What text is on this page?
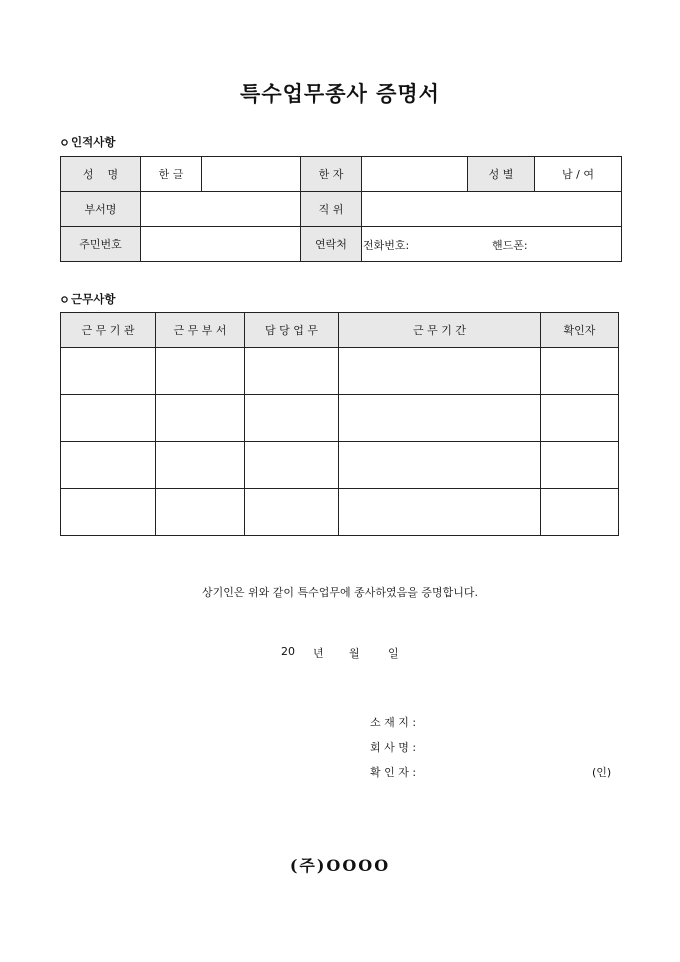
특수업무종사 증명서
인적사항
성    명	한 글		한 자		성 별	남 / 여
부서명			직 위			
주민번호			연락처	전화번호: 핸드폰:		
근무사항
근 무 기 관	근 무 부 서	담 당 업 무	근 무 기 간	확인자

상기인은 위와 같이 특수업무에 종사하였음을 증명합니다.
20 년 월	일
소 재 지 :
회 사 명 :
확 인 자 :	(인)
(주)OOOO
